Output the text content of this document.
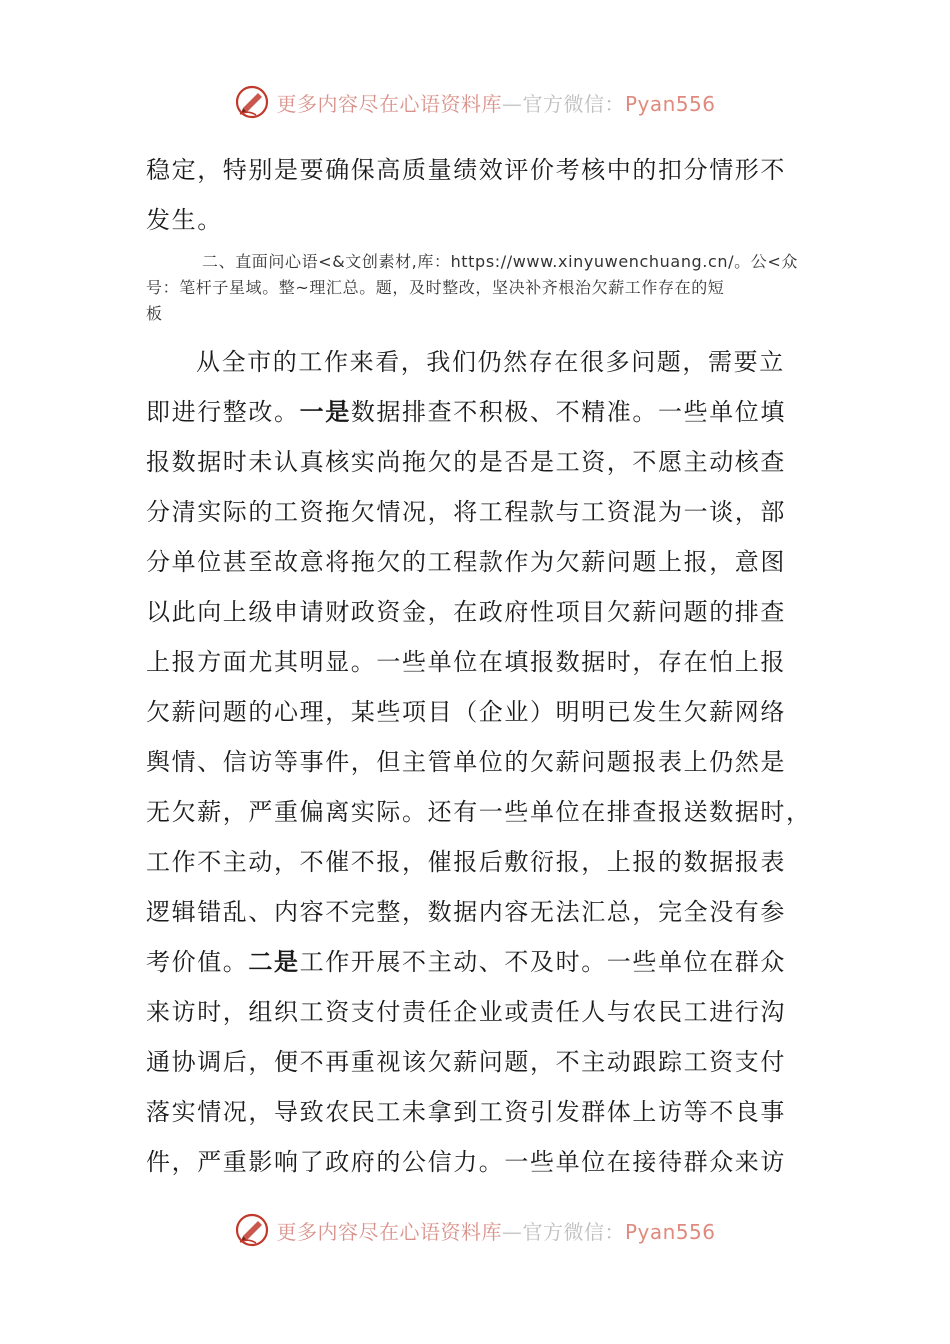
更多内容尽在心语资料库—官方微信：Pyan556

稳定，特别是要确保高质量绩效评价考核中的扣分情形不

发生。

二、直面问心语<&文创素材,库：https://www.xinyuwenchuang.cn/。公<众

号：笔杆子星域。整~理汇总。题，及时整改，坚决补齐根治欠薪工作存在的短

板

从全市的工作来看，我们仍然存在很多问题，需要立

即进行整改。一是数据排查不积极、不精准。一些单位填

报数据时未认真核实尚拖欠的是否是工资，不愿主动核查

分清实际的工资拖欠情况，将工程款与工资混为一谈，部

分单位甚至故意将拖欠的工程款作为欠薪问题上报，意图

以此向上级申请财政资金，在政府性项目欠薪问题的排查

上报方面尤其明显。一些单位在填报数据时，存在怕上报

欠薪问题的心理，某些项目（企业）明明已发生欠薪网络

舆情、信访等事件，但主管单位的欠薪问题报表上仍然是

无欠薪，严重偏离实际。还有一些单位在排查报送数据时，

工作不主动，不催不报，催报后敷衍报，上报的数据报表

逻辑错乱、内容不完整，数据内容无法汇总，完全没有参

考价值。二是工作开展不主动、不及时。一些单位在群众

来访时，组织工资支付责任企业或责任人与农民工进行沟

通协调后，便不再重视该欠薪问题，不主动跟踪工资支付

落实情况，导致农民工未拿到工资引发群体上访等不良事

件，严重影响了政府的公信力。一些单位在接待群众来访

更多内容尽在心语资料库—官方微信：Pyan556
